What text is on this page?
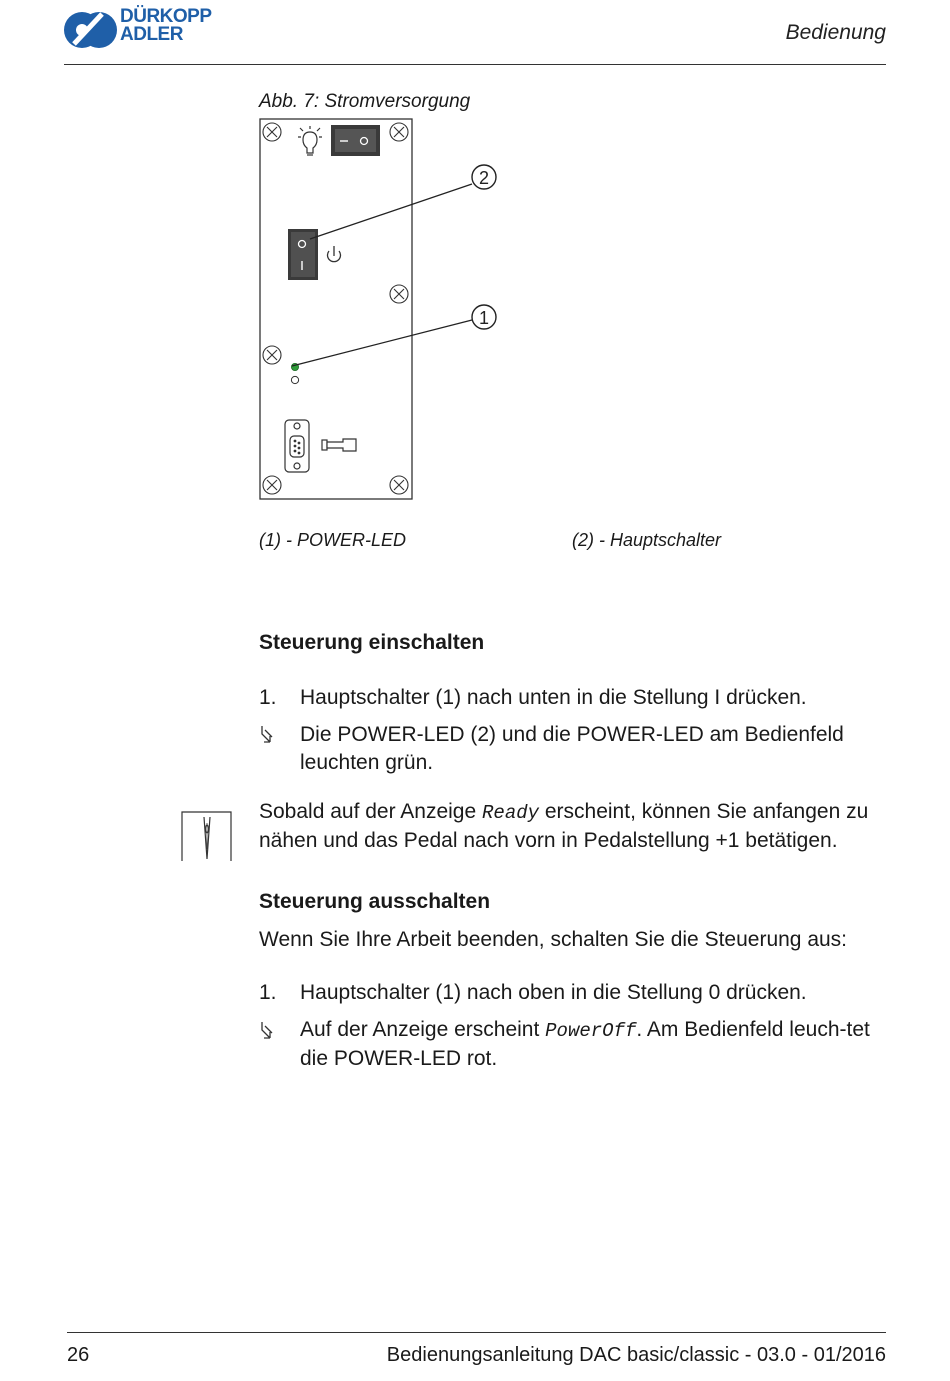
DÜRKOPP
ADLER	Bedienung
Abb. 7: Stromversorgung
2
1
(1) - POWER-LED	(2) - Hauptschalter
Steuerung einschalten
1. Hauptschalter (1) nach unten in die Stellung I drücken.
Die POWER-LED (2) und die POWER-LED am Bedienfeld leuchten grün.
Sobald auf der Anzeige Ready erscheint, können Sie anfangen zu nähen und das Pedal nach vorn in Pedalstellung +1 betätigen.
Steuerung ausschalten
Wenn Sie Ihre Arbeit beenden, schalten Sie die Steuerung aus:
1. Hauptschalter (1) nach oben in die Stellung 0 drücken.
Auf der Anzeige erscheint PowerOff. Am Bedienfeld leuch-tet die POWER-LED rot.
26	Bedienungsanleitung DAC basic/classic - 03.0 - 01/2016
